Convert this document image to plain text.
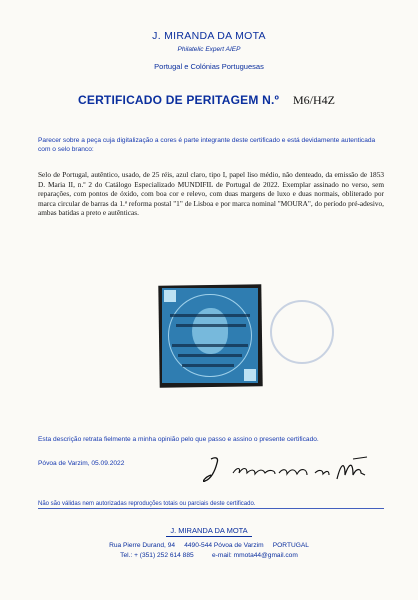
J. MIRANDA DA MOTA
Philatelic Expert AIEP
Portugal e Colónias Portuguesas
CERTIFICADO DE PERITAGEM N.º M6/H4Z
Parecer sobre a peça cuja digitalização a cores é parte integrante deste certificado e está devidamente autenticada com o selo branco:
Selo de Portugal, autêntico, usado, de 25 réis, azul claro, tipo I, papel liso médio, não denteado, da emissão de 1853 D. Maria II, n.º 2 do Catálogo Especializado MUNDIFIL de Portugal de 2022. Exemplar assinado no verso, sem reparações, com pontos de óxido, com boa cor e relevo, com duas margens de luxo e duas normais, obliterado por marca circular de barras da 1.ª reforma postal "1" de Lisboa e por marca nominal "MOURA", do período pré-adesivo, ambas batidas a preto e autênticas.
Esta descrição retrata fielmente a minha opinião pelo que passo e assino o presente certificado.
Póvoa de Varzim, 05.09.2022
Não são válidas nem autorizadas reproduções totais ou parciais deste certificado.
J. MIRANDA DA MOTA
Rua Pierre Durand, 94     4490-544 Póvoa de Varzim     PORTUGAL
Tel.: + (351) 252 614 885          e-mail: mmota44@gmail.com
